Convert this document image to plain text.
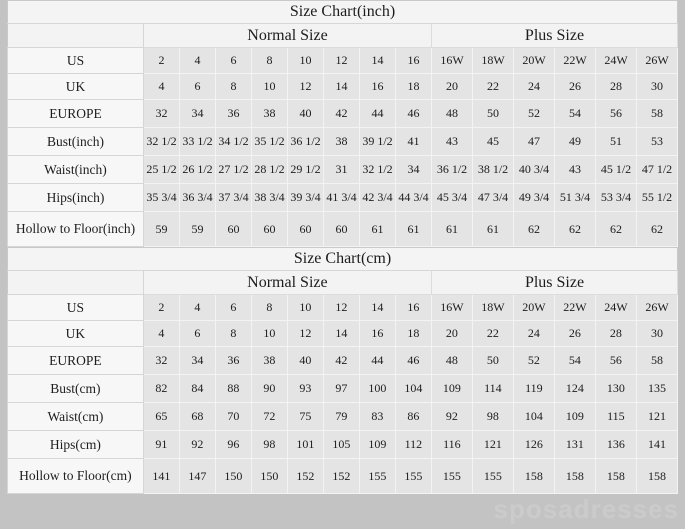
Size Chart(inch)														
	Normal Size								Plus Size					
US	2	4	6	8	10	12	14	16	16W	18W	20W	22W	24W	26W
UK	4	6	8	10	12	14	16	18	20	22	24	26	28	30
EUROPE	32	34	36	38	40	42	44	46	48	50	52	54	56	58
Bust(inch)	32 1/2	33 1/2	34 1/2	35 1/2	36 1/2	38	39 1/2	41	43	45	47	49	51	53
Waist(inch)	25 1/2	26 1/2	27 1/2	28 1/2	29 1/2	31	32 1/2	34	36 1/2	38 1/2	40 3/4	43	45 1/2	47 1/2
Hips(inch)	35 3/4	36 3/4	37 3/4	38 3/4	39 3/4	41 3/4	42 3/4	44 3/4	45 3/4	47 3/4	49 3/4	51 3/4	53 3/4	55 1/2
Hollow to Floor(inch)	59	59	60	60	60	60	61	61	61	61	62	62	62	62
Size Chart(cm)														
	Normal Size								Plus Size					
US	2	4	6	8	10	12	14	16	16W	18W	20W	22W	24W	26W
UK	4	6	8	10	12	14	16	18	20	22	24	26	28	30
EUROPE	32	34	36	38	40	42	44	46	48	50	52	54	56	58
Bust(cm)	82	84	88	90	93	97	100	104	109	114	119	124	130	135
Waist(cm)	65	68	70	72	75	79	83	86	92	98	104	109	115	121
Hips(cm)	91	92	96	98	101	105	109	112	116	121	126	131	136	141
Hollow to Floor(cm)	141	147	150	150	152	152	155	155	155	155	158	158	158	158
sposadresses
